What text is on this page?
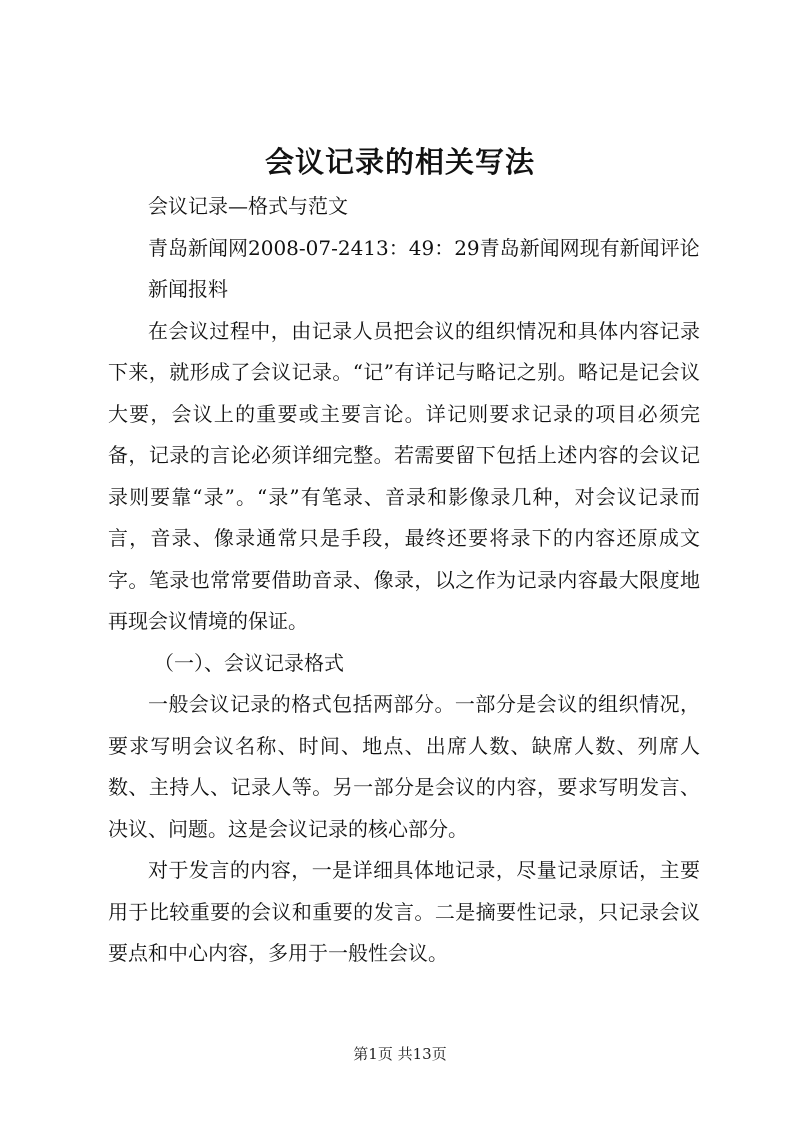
会议记录的相关写法

会议记录—格式与范文

青岛新闻网2008-07-2413：49：29青岛新闻网现有新闻评论

新闻报料

在会议过程中，由记录人员把会议的组织情况和具体内容记录下来，就形成了会议记录。“记”有详记与略记之别。略记是记会议大要，会议上的重要或主要言论。详记则要求记录的项目必须完备，记录的言论必须详细完整。若需要留下包括上述内容的会议记录则要靠“录”。“录”有笔录、音录和影像录几种，对会议记录而言，音录、像录通常只是手段，最终还要将录下的内容还原成文字。笔录也常常要借助音录、像录，以之作为记录内容最大限度地再现会议情境的保证。

（一）、会议记录格式

一般会议记录的格式包括两部分。一部分是会议的组织情况，要求写明会议名称、时间、地点、出席人数、缺席人数、列席人数、主持人、记录人等。另一部分是会议的内容，要求写明发言、决议、问题。这是会议记录的核心部分。

对于发言的内容，一是详细具体地记录，尽量记录原话，主要用于比较重要的会议和重要的发言。二是摘要性记录，只记录会议要点和中心内容，多用于一般性会议。

第1页 共13页
